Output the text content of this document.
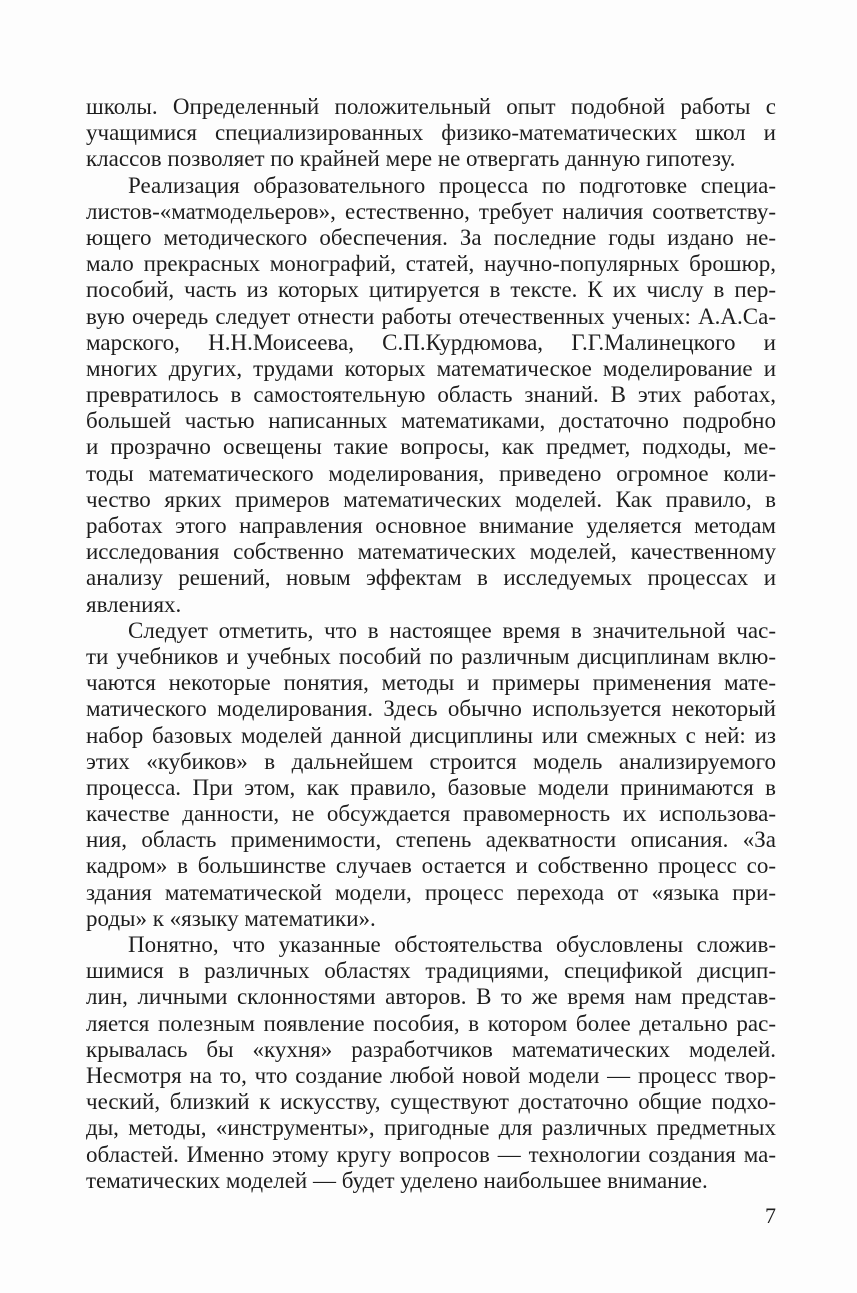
школы. Определенный положительный опыт подобной работы с
учащимися специализированных физико-математических школ и
классов позволяет по крайней мере не отвергать данную гипотезу.
Реализация образовательного процесса по подготовке специа-
листов-«матмодельеров», естественно, требует наличия соответству-
ющего методического обеспечения. За последние годы издано не-
мало прекрасных монографий, статей, научно-популярных брошюр,
пособий, часть из которых цитируется в тексте. К их числу в пер-
вую очередь следует отнести работы отечественных ученых: А.А.Са-
марского, Н.Н.Моисеева, С.П.Курдюмова, Г.Г.Малинецкого и
многих других, трудами которых математическое моделирование и
превратилось в самостоятельную область знаний. В этих работах,
большей частью написанных математиками, достаточно подробно
и прозрачно освещены такие вопросы, как предмет, подходы, ме-
тоды математического моделирования, приведено огромное коли-
чество ярких примеров математических моделей. Как правило, в
работах этого направления основное внимание уделяется методам
исследования собственно математических моделей, качественному
анализу решений, новым эффектам в исследуемых процессах и
явлениях.
Следует отметить, что в настоящее время в значительной час-
ти учебников и учебных пособий по различным дисциплинам вклю-
чаются некоторые понятия, методы и примеры применения мате-
матического моделирования. Здесь обычно используется некоторый
набор базовых моделей данной дисциплины или смежных с ней: из
этих «кубиков» в дальнейшем строится модель анализируемого
процесса. При этом, как правило, базовые модели принимаются в
качестве данности, не обсуждается правомерность их использова-
ния, область применимости, степень адекватности описания. «За
кадром» в большинстве случаев остается и собственно процесс со-
здания математической модели, процесс перехода от «языка при-
роды» к «языку математики».
Понятно, что указанные обстоятельства обусловлены сложив-
шимися в различных областях традициями, спецификой дисцип-
лин, личными склонностями авторов. В то же время нам представ-
ляется полезным появление пособия, в котором более детально рас-
крывалась бы «кухня» разработчиков математических моделей.
Несмотря на то, что создание любой новой модели — процесс твор-
ческий, близкий к искусству, существуют достаточно общие подхо-
ды, методы, «инструменты», пригодные для различных предметных
областей. Именно этому кругу вопросов — технологии создания ма-
тематических моделей — будет уделено наибольшее внимание.
7
